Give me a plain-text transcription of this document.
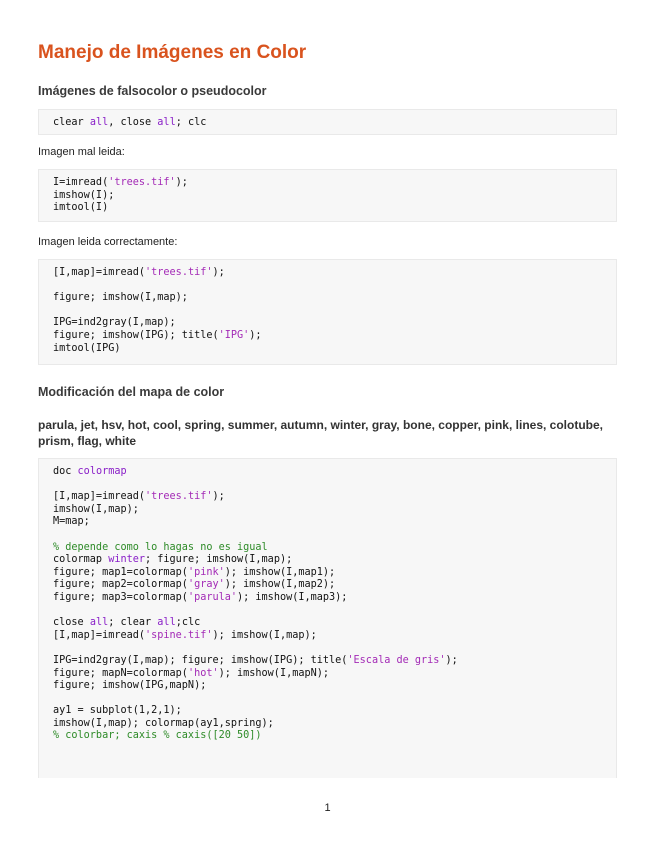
Manejo de Imágenes en Color
Imágenes de falsocolor o pseudocolor
clear all, close all; clc

Imagen mal leida:

I=imread('trees.tif');
imshow(I);
imtool(I)

Imagen leida correctamente:

[I,map]=imread('trees.tif');
figure; imshow(I,map);
IPG=ind2gray(I,map);
figure; imshow(IPG); title('IPG');
imtool(IPG)
Modificación del mapa de color

parula, jet, hsv, hot, cool, spring, summer, autumn, winter, gray, bone, copper, pink, lines, colotube, prism, flag, white

doc colormap
[I,map]=imread('trees.tif');
imshow(I,map);
M=map;
% depende como lo hagas no es igual
colormap winter; figure; imshow(I,map);
figure; map1=colormap('pink'); imshow(I,map1);
figure; map2=colormap('gray'); imshow(I,map2);
figure; map3=colormap('parula'); imshow(I,map3);
close all; clear all;clc
[I,map]=imread('spine.tif'); imshow(I,map);
IPG=ind2gray(I,map); figure; imshow(IPG); title('Escala de gris');
figure; mapN=colormap('hot'); imshow(I,mapN);
figure; imshow(IPG,mapN);
ay1 = subplot(1,2,1);
imshow(I,map); colormap(ay1,spring);
% colorbar; caxis % caxis([20 50])
1
